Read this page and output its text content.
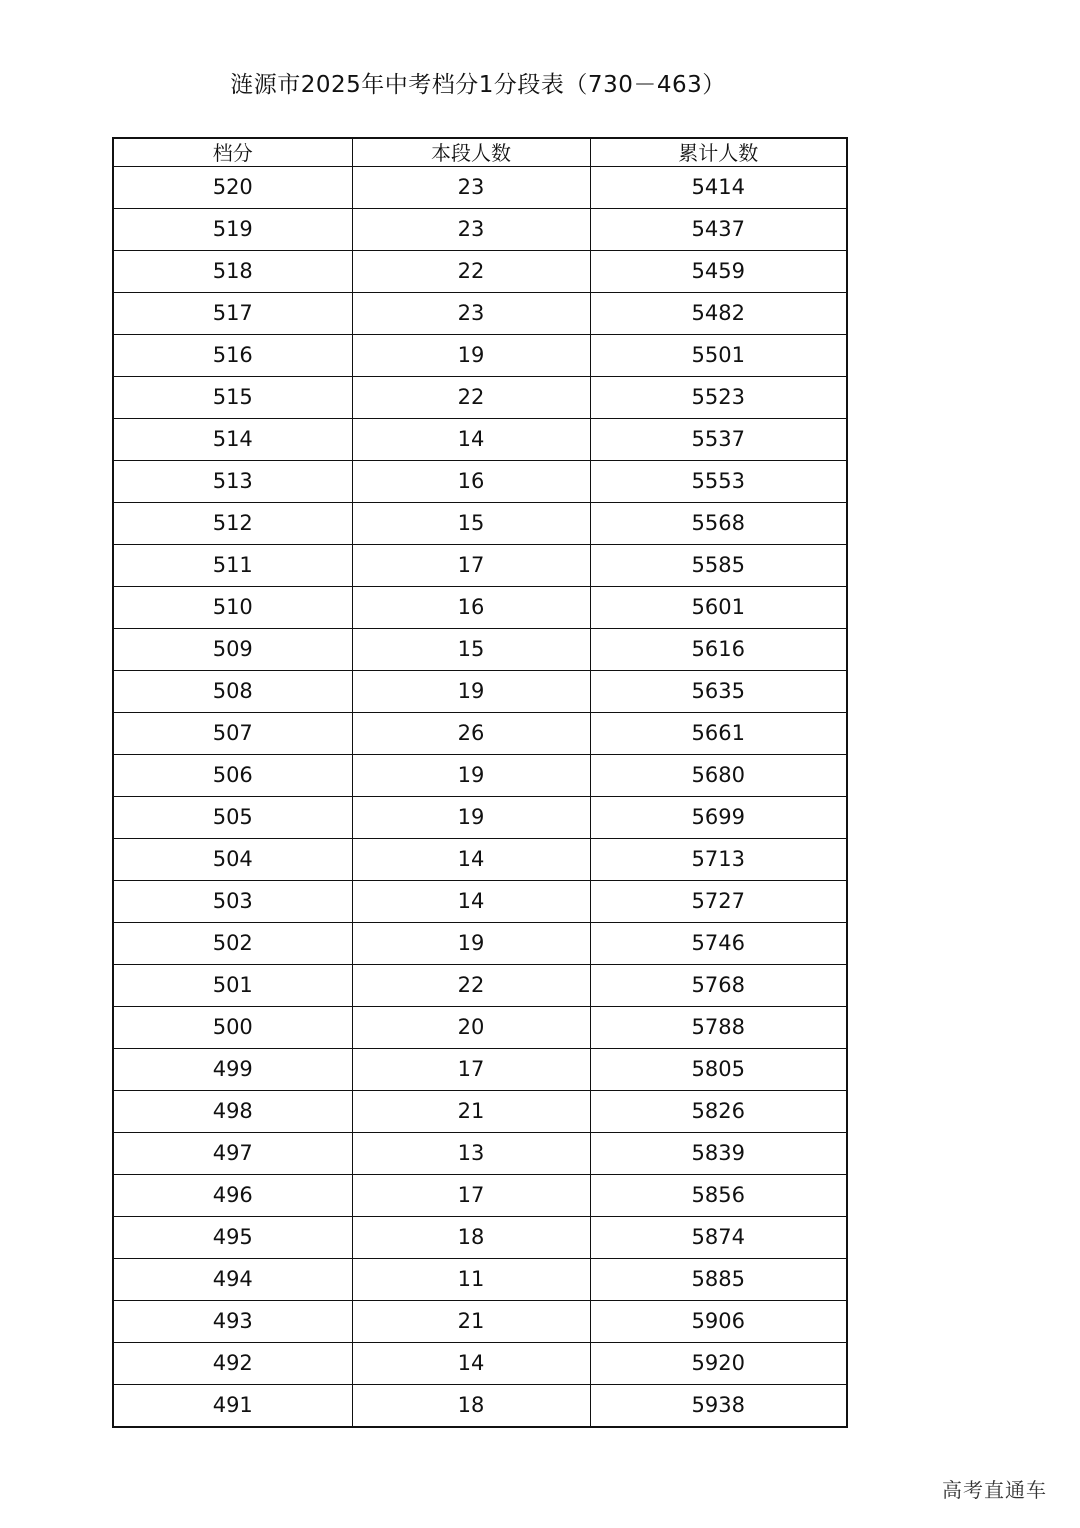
涟源市2025年中考档分1分段表（730－463）
档分	本段人数	累计人数
520	23	5414
519	23	5437
518	22	5459
517	23	5482
516	19	5501
515	22	5523
514	14	5537
513	16	5553
512	15	5568
511	17	5585
510	16	5601
509	15	5616
508	19	5635
507	26	5661
506	19	5680
505	19	5699
504	14	5713
503	14	5727
502	19	5746
501	22	5768
500	20	5788
499	17	5805
498	21	5826
497	13	5839
496	17	5856
495	18	5874
494	11	5885
493	21	5906
492	14	5920
491	18	5938
高考直通车
